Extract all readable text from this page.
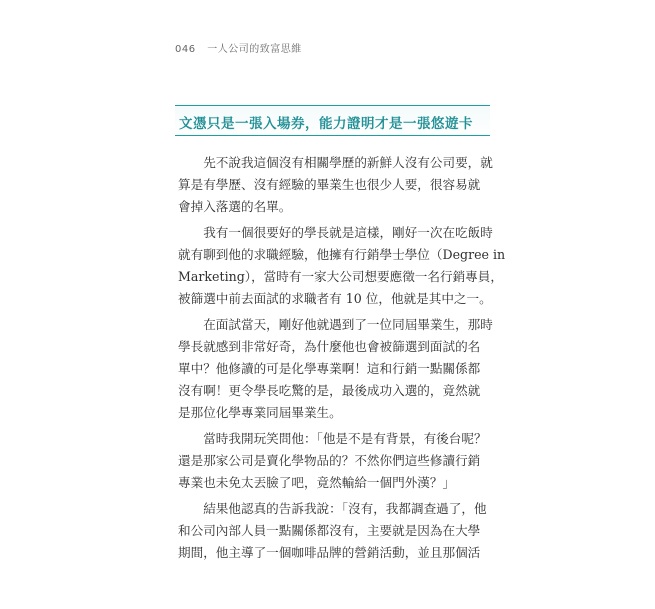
046 一人公司的致富思維
文憑只是一張入場券，能力證明才是一張悠遊卡

先不說我這個沒有相關學歷的新鮮人沒有公司要，就
算是有學歷、沒有經驗的畢業生也很少人要，很容易就
會掉入落選的名單。

我有一個很要好的學長就是這樣，剛好一次在吃飯時
就有聊到他的求職經驗，他擁有行銷學士學位（Degree in
Marketing），當時有一家大公司想要應徵一名行銷專員，
被篩選中前去面試的求職者有 10 位，他就是其中之一。

在面試當天，剛好他就遇到了一位同屆畢業生，那時
學長就感到非常好奇，為什麼他也會被篩選到面試的名
單中？他修讀的可是化學專業啊！這和行銷一點關係都
沒有啊！更令學長吃驚的是，最後成功入選的，竟然就
是那位化學專業同屆畢業生。

當時我開玩笑問他：「他是不是有背景，有後台呢？
還是那家公司是賣化學物品的？不然你們這些修讀行銷
專業也未免太丟臉了吧，竟然輸給一個門外漢？」

結果他認真的告訴我說：「沒有，我都調查過了，他
和公司內部人員一點關係都沒有，主要就是因為在大學
期間，他主導了一個咖啡品牌的營銷活動，並且那個活
